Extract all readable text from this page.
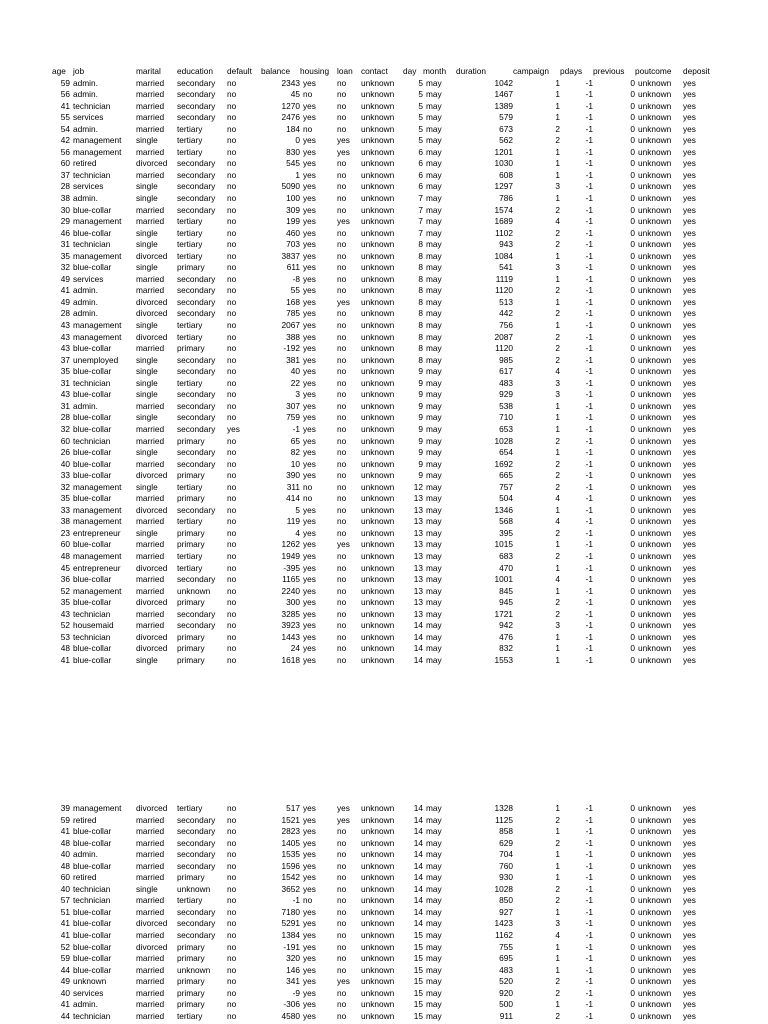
age	job	marital	education	default	balance	housing	loan	contact	day	month	duration	campaign	pdays	previous	poutcome	deposit
59	admin.	married	secondary	no	2343	yes	no	unknown	5	may	1042	1	-1	0	unknown	yes
56	admin.	married	secondary	no	45	no	no	unknown	5	may	1467	1	-1	0	unknown	yes
41	technician	married	secondary	no	1270	yes	no	unknown	5	may	1389	1	-1	0	unknown	yes
55	services	married	secondary	no	2476	yes	no	unknown	5	may	579	1	-1	0	unknown	yes
54	admin.	married	tertiary	no	184	no	no	unknown	5	may	673	2	-1	0	unknown	yes
42	management	single	tertiary	no	0	yes	yes	unknown	5	may	562	2	-1	0	unknown	yes
56	management	married	tertiary	no	830	yes	yes	unknown	6	may	1201	1	-1	0	unknown	yes
60	retired	divorced	secondary	no	545	yes	no	unknown	6	may	1030	1	-1	0	unknown	yes
37	technician	married	secondary	no	1	yes	no	unknown	6	may	608	1	-1	0	unknown	yes
28	services	single	secondary	no	5090	yes	no	unknown	6	may	1297	3	-1	0	unknown	yes
38	admin.	single	secondary	no	100	yes	no	unknown	7	may	786	1	-1	0	unknown	yes
30	blue-collar	married	secondary	no	309	yes	no	unknown	7	may	1574	2	-1	0	unknown	yes
29	management	married	tertiary	no	199	yes	yes	unknown	7	may	1689	4	-1	0	unknown	yes
46	blue-collar	single	tertiary	no	460	yes	no	unknown	7	may	1102	2	-1	0	unknown	yes
31	technician	single	tertiary	no	703	yes	no	unknown	8	may	943	2	-1	0	unknown	yes
35	management	divorced	tertiary	no	3837	yes	no	unknown	8	may	1084	1	-1	0	unknown	yes
32	blue-collar	single	primary	no	611	yes	no	unknown	8	may	541	3	-1	0	unknown	yes
49	services	married	secondary	no	-8	yes	no	unknown	8	may	1119	1	-1	0	unknown	yes
41	admin.	married	secondary	no	55	yes	no	unknown	8	may	1120	2	-1	0	unknown	yes
49	admin.	divorced	secondary	no	168	yes	yes	unknown	8	may	513	1	-1	0	unknown	yes
28	admin.	divorced	secondary	no	785	yes	no	unknown	8	may	442	2	-1	0	unknown	yes
43	management	single	tertiary	no	2067	yes	no	unknown	8	may	756	1	-1	0	unknown	yes
43	management	divorced	tertiary	no	388	yes	no	unknown	8	may	2087	2	-1	0	unknown	yes
43	blue-collar	married	primary	no	-192	yes	no	unknown	8	may	1120	2	-1	0	unknown	yes
37	unemployed	single	secondary	no	381	yes	no	unknown	8	may	985	2	-1	0	unknown	yes
35	blue-collar	single	secondary	no	40	yes	no	unknown	9	may	617	4	-1	0	unknown	yes
31	technician	single	tertiary	no	22	yes	no	unknown	9	may	483	3	-1	0	unknown	yes
43	blue-collar	single	secondary	no	3	yes	no	unknown	9	may	929	3	-1	0	unknown	yes
31	admin.	married	secondary	no	307	yes	no	unknown	9	may	538	1	-1	0	unknown	yes
28	blue-collar	single	secondary	no	759	yes	no	unknown	9	may	710	1	-1	0	unknown	yes
32	blue-collar	married	secondary	yes	-1	yes	no	unknown	9	may	653	1	-1	0	unknown	yes
60	technician	married	primary	no	65	yes	no	unknown	9	may	1028	2	-1	0	unknown	yes
26	blue-collar	single	secondary	no	82	yes	no	unknown	9	may	654	1	-1	0	unknown	yes
40	blue-collar	married	secondary	no	10	yes	no	unknown	9	may	1692	2	-1	0	unknown	yes
33	blue-collar	divorced	primary	no	390	yes	no	unknown	9	may	665	2	-1	0	unknown	yes
32	management	single	tertiary	no	311	no	no	unknown	12	may	757	2	-1	0	unknown	yes
35	blue-collar	married	primary	no	414	no	no	unknown	13	may	504	4	-1	0	unknown	yes
33	management	divorced	secondary	no	5	yes	no	unknown	13	may	1346	1	-1	0	unknown	yes
38	management	married	tertiary	no	119	yes	no	unknown	13	may	568	4	-1	0	unknown	yes
23	entrepreneur	single	primary	no	4	yes	no	unknown	13	may	395	2	-1	0	unknown	yes
60	blue-collar	married	primary	no	1262	yes	yes	unknown	13	may	1015	1	-1	0	unknown	yes
48	management	married	tertiary	no	1949	yes	no	unknown	13	may	683	2	-1	0	unknown	yes
45	entrepreneur	divorced	tertiary	no	-395	yes	no	unknown	13	may	470	1	-1	0	unknown	yes
36	blue-collar	married	secondary	no	1165	yes	no	unknown	13	may	1001	4	-1	0	unknown	yes
52	management	married	unknown	no	2240	yes	no	unknown	13	may	845	1	-1	0	unknown	yes
35	blue-collar	divorced	primary	no	300	yes	no	unknown	13	may	945	2	-1	0	unknown	yes
43	technician	married	secondary	no	3285	yes	no	unknown	13	may	1721	2	-1	0	unknown	yes
52	housemaid	married	secondary	no	3923	yes	no	unknown	14	may	942	3	-1	0	unknown	yes
53	technician	divorced	primary	no	1443	yes	no	unknown	14	may	476	1	-1	0	unknown	yes
48	blue-collar	divorced	primary	no	24	yes	no	unknown	14	may	832	1	-1	0	unknown	yes
41	blue-collar	single	primary	no	1618	yes	no	unknown	14	may	1553	1	-1	0	unknown	yes
39	management	divorced	tertiary	no	517	yes	yes	unknown	14	may	1328	1	-1	0	unknown	yes
59	retired	married	secondary	no	1521	yes	yes	unknown	14	may	1125	2	-1	0	unknown	yes
41	blue-collar	married	secondary	no	2823	yes	no	unknown	14	may	858	1	-1	0	unknown	yes
48	blue-collar	married	secondary	no	1405	yes	no	unknown	14	may	629	2	-1	0	unknown	yes
40	admin.	married	secondary	no	1535	yes	no	unknown	14	may	704	1	-1	0	unknown	yes
48	blue-collar	married	secondary	no	1596	yes	no	unknown	14	may	760	1	-1	0	unknown	yes
60	retired	married	primary	no	1542	yes	no	unknown	14	may	930	1	-1	0	unknown	yes
40	technician	single	unknown	no	3652	yes	no	unknown	14	may	1028	2	-1	0	unknown	yes
57	technician	married	tertiary	no	-1	no	no	unknown	14	may	850	2	-1	0	unknown	yes
51	blue-collar	married	secondary	no	7180	yes	no	unknown	14	may	927	1	-1	0	unknown	yes
41	blue-collar	divorced	secondary	no	5291	yes	no	unknown	14	may	1423	3	-1	0	unknown	yes
41	blue-collar	married	secondary	no	1384	yes	no	unknown	15	may	1162	4	-1	0	unknown	yes
52	blue-collar	divorced	primary	no	-191	yes	no	unknown	15	may	755	1	-1	0	unknown	yes
59	blue-collar	married	primary	no	320	yes	no	unknown	15	may	695	1	-1	0	unknown	yes
44	blue-collar	married	unknown	no	146	yes	no	unknown	15	may	483	1	-1	0	unknown	yes
49	unknown	married	primary	no	341	yes	yes	unknown	15	may	520	2	-1	0	unknown	yes
40	services	married	primary	no	-9	yes	no	unknown	15	may	920	2	-1	0	unknown	yes
41	admin.	married	primary	no	-306	yes	no	unknown	15	may	500	1	-1	0	unknown	yes
44	technician	married	tertiary	no	4580	yes	no	unknown	15	may	911	2	-1	0	unknown	yes
